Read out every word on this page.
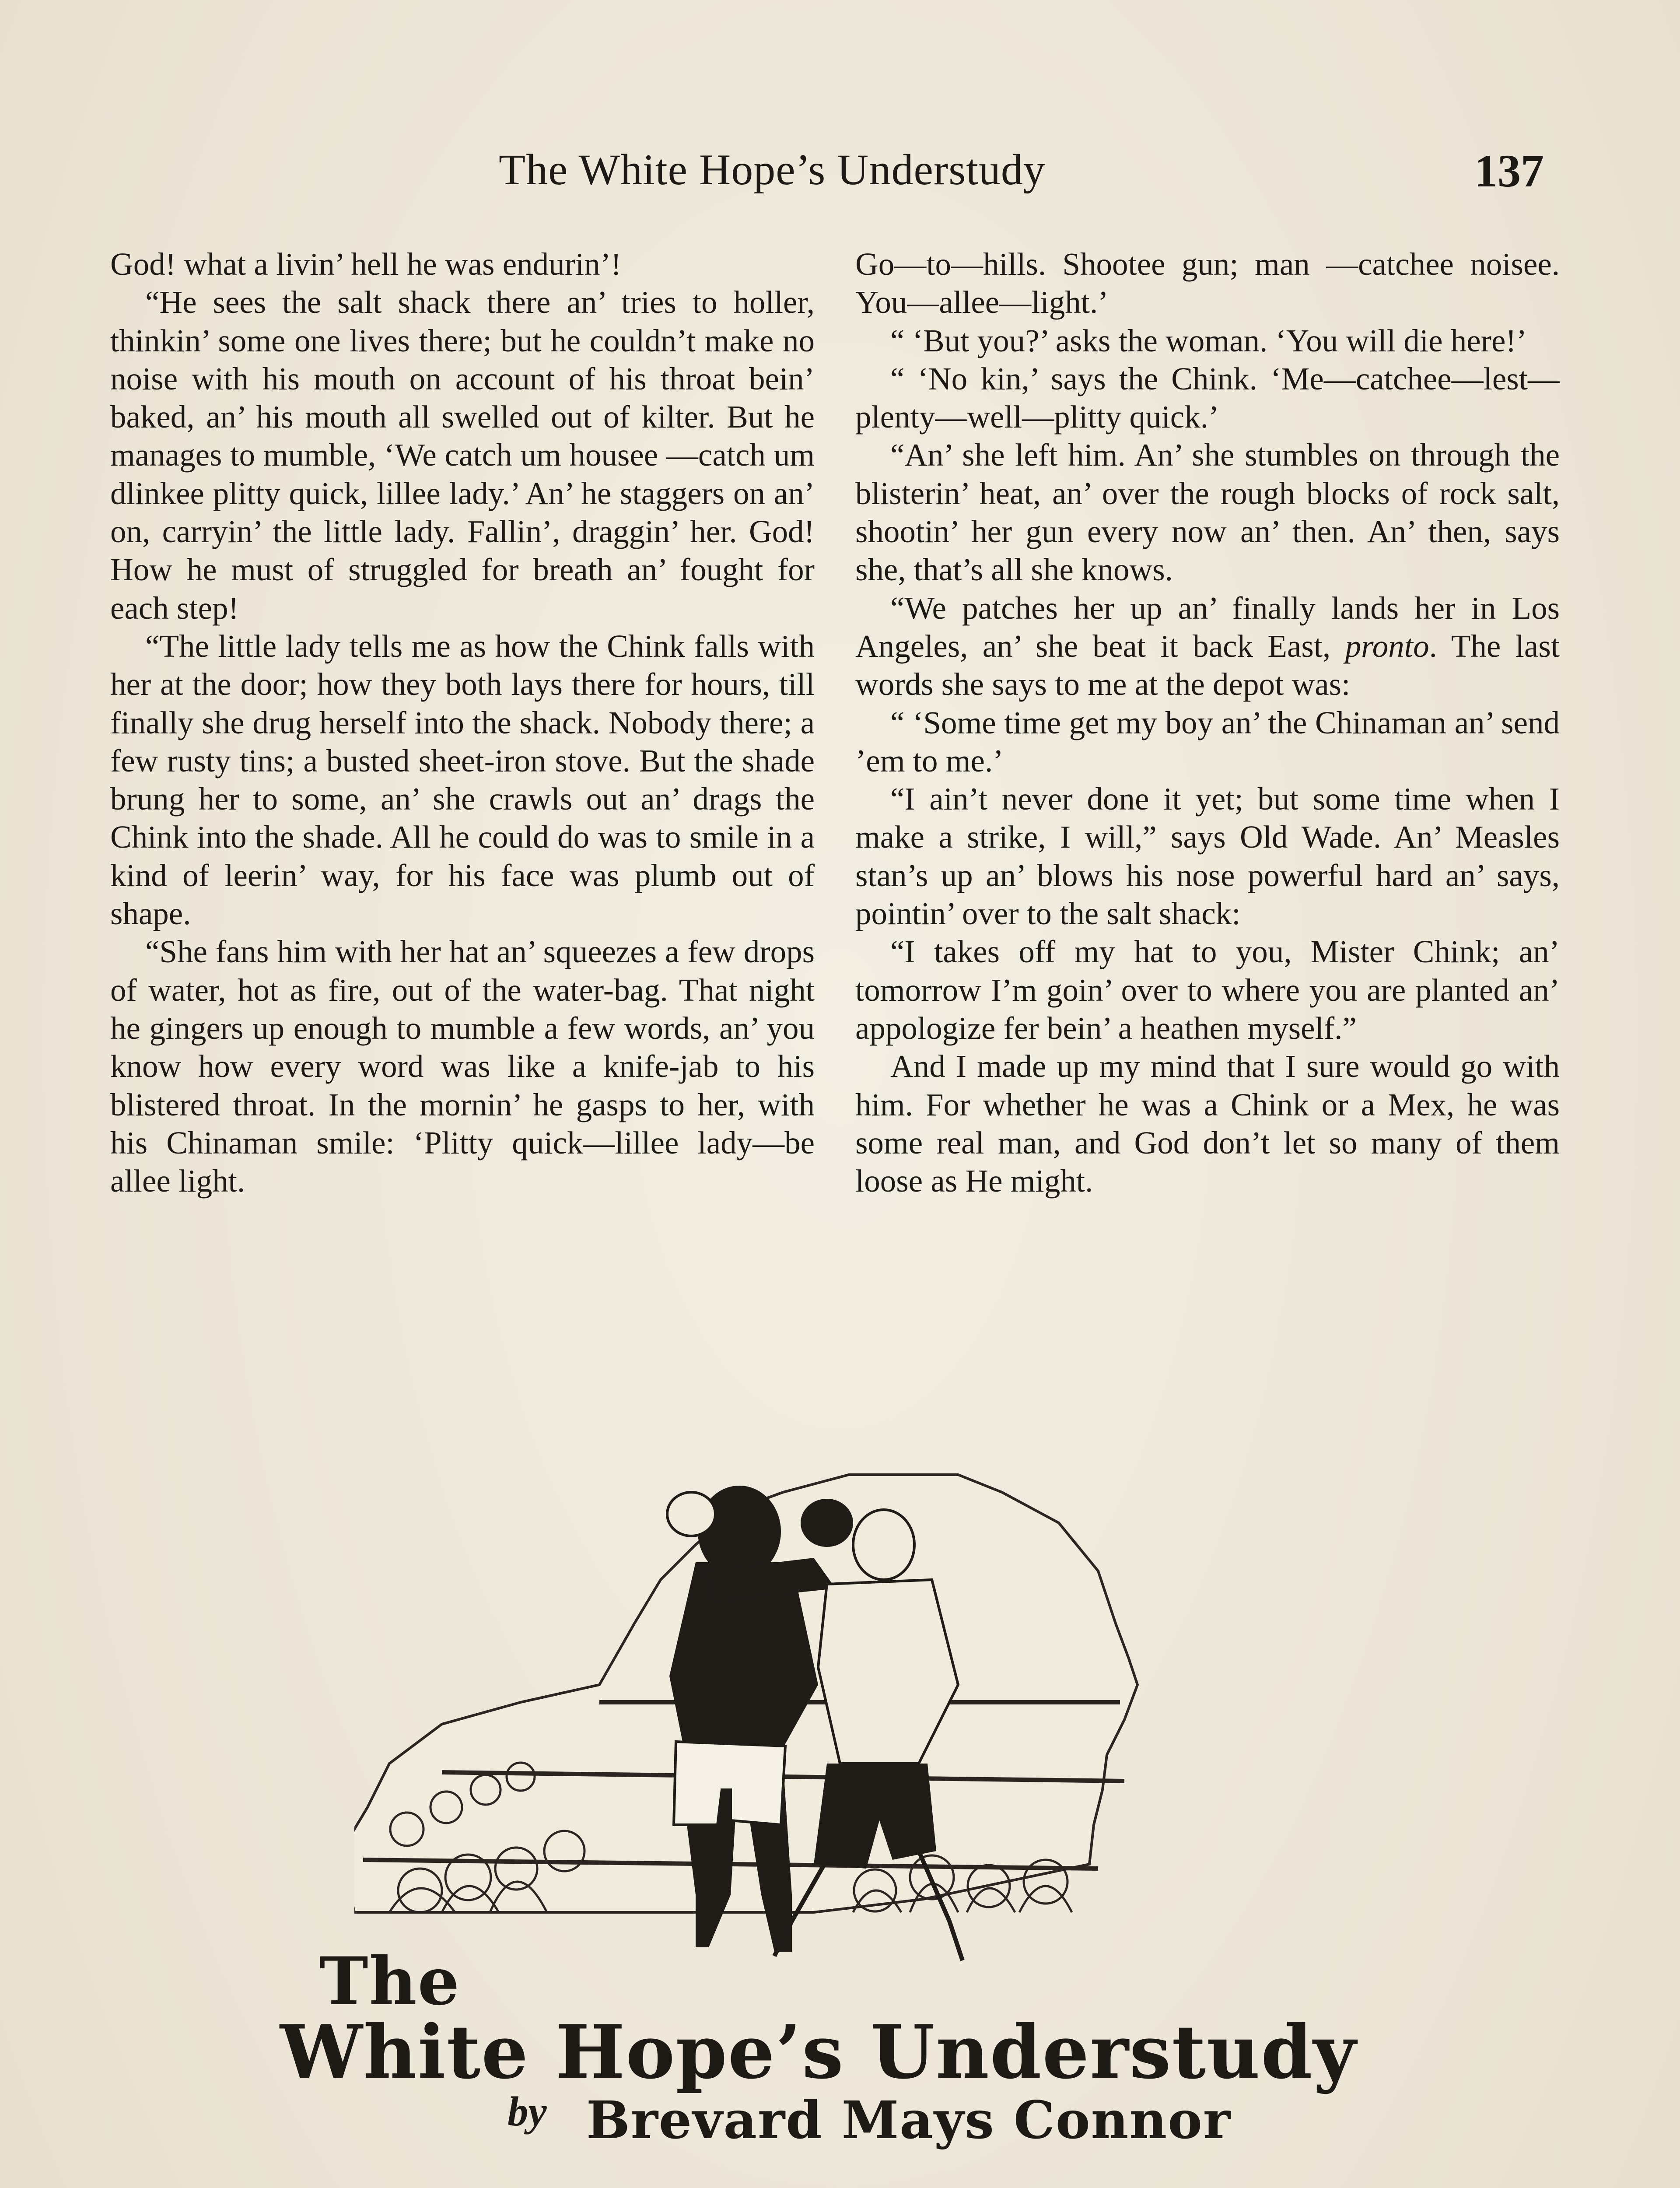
The White Hope’s Understudy	137

God! what a livin’ hell he was endurin’!

“He sees the salt shack there an’ tries to holler, thinkin’ some one lives there; but he couldn’t make no noise with his mouth on account of his throat bein’ baked, an’ his mouth all swelled out of kilter. But he manages to mumble, ‘We catch um housee —catch um dlinkee plitty quick, lillee lady.’ An’ he staggers on an’ on, carryin’ the little lady. Fallin’, draggin’ her. God! How he must of struggled for breath an’ fought for each step!

“The little lady tells me as how the Chink falls with her at the door; how they both lays there for hours, till finally she drug herself into the shack. Nobody there; a few rusty tins; a busted sheet-iron stove. But the shade brung her to some, an’ she crawls out an’ drags the Chink into the shade. All he could do was to smile in a kind of leerin’ way, for his face was plumb out of shape.

“She fans him with her hat an’ squeezes a few drops of water, hot as fire, out of the water-bag. That night he gingers up enough to mumble a few words, an’ you know how every word was like a knife-jab to his blistered throat. In the mornin’ he gasps to her, with his Chinaman smile: ‘Plitty quick—lillee lady—be allee light.

Go—to—hills. Shootee gun; man —catchee noisee. You—allee—light.’

“ ‘But you?’ asks the woman. ‘You will die here!’

“ ‘No kin,’ says the Chink. ‘Me—catchee—lest—plenty—well—plitty quick.’

“An’ she left him. An’ she stumbles on through the blisterin’ heat, an’ over the rough blocks of rock salt, shootin’ her gun every now an’ then. An’ then, says she, that’s all she knows.

“We patches her up an’ finally lands her in Los Angeles, an’ she beat it back East, pronto. The last words she says to me at the depot was:

“ ‘Some time get my boy an’ the Chinaman an’ send ’em to me.’

“I ain’t never done it yet; but some time when I make a strike, I will,” says Old Wade. An’ Measles stan’s up an’ blows his nose powerful hard an’ says, pointin’ over to the salt shack:

“I takes off my hat to you, Mister Chink; an’ tomorrow I’m goin’ over to where you are planted an’ appologize fer bein’ a heathen myself.”

And I made up my mind that I sure would go with him. For whether he was a Chink or a Mex, he was some real man, and God don’t let so many of them loose as He might.

The
White Hope’s Understudy
by Brevard Mays Connor
